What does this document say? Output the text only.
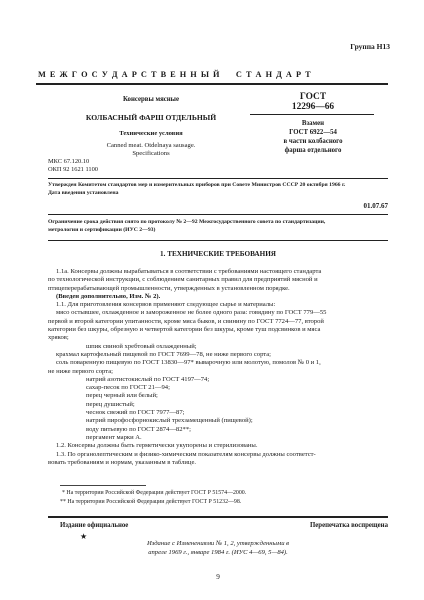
Группа Н13
М Е Ж Г О С У Д А Р С Т В Е Н Н Ы Й     С Т А Н Д А Р Т
Консервы мясные
КОЛБАСНЫЙ ФАРШ ОТДЕЛЬНЫЙ
Технические условия
Canned meat. Otdelnaya sausage.
Specifications
МКС 67.120.10
ОКП 92 1621 1100
ГОСТ
12296—66
Взамен
ГОСТ 6922—54
в части колбасного
фарша отдельного
Утвержден Комитетом стандартов мер и измерительных приборов при Совете Министров СССР 20 октября 1966 г.
Дата введения установлена
01.07.67
Ограничение срока действия снято по протоколу № 2—92 Межгосударственного совета по стандартизации,
метрологии и сертификации (ИУС 2—93)
1. ТЕХНИЧЕСКИЕ ТРЕБОВАНИЯ
1.1а. Консервы должны вырабатываться в соответствии с требованиями настоящего стандарта
по технологической инструкции, с соблюдением санитарных правил для предприятий мясной и
птицеперерабатывающей промышленности, утвержденных в установленном порядке.
(Введен дополнительно, Изм. № 2).
1.1. Для приготовления консервов применяют следующее сырье и материалы:
мясо остывшее, охлажденное и замороженное не более одного раза: говядину по ГОСТ 779—55
первой и второй категории упитанности, кроме мяса быков, и свинину по ГОСТ 7724—77, второй
категории без шкуры, обрезную и четвертой категории без шкуры, кроме туш подсвинков и мяса
хряков;
шпик свиной хребтовый охлажденный;
крахмал картофельный пищевой по ГОСТ 7699—78, не ниже первого сорта;
соль поваренную пищевую по ГОСТ 13830—97* выварочную или молотую, помолов № 0 и 1,
не ниже первого сорта;
натрий азотистокислый по ГОСТ 4197—74;
сахар-песок по ГОСТ 21—94;
перец черный или белый;
перец душистый;
чеснок свежий по ГОСТ 7977—87;
натрий пирофосфорнокислый трехзамещенный (пищевой);
воду питьевую по ГОСТ 2874—82**;
пергамент марки А.
1.2. Консервы должны быть герметически укупорены и стерилизованы.
1.3. По органолептическим и физико-химическим показателям консервы должны соответст-
вовать требованиям и нормам, указанным в таблице.
* На территории Российской Федерации действует ГОСТ Р 51574—2000.
** На территории Российской Федерации действует ГОСТ Р 51232—98.
Издание официальное	Перепечатка воспрещена
★
Издание с Изменениями № 1, 2, утвержденными в
апреле 1969 г., январе 1984 г. (ИУС 4—69, 5—84).
9
